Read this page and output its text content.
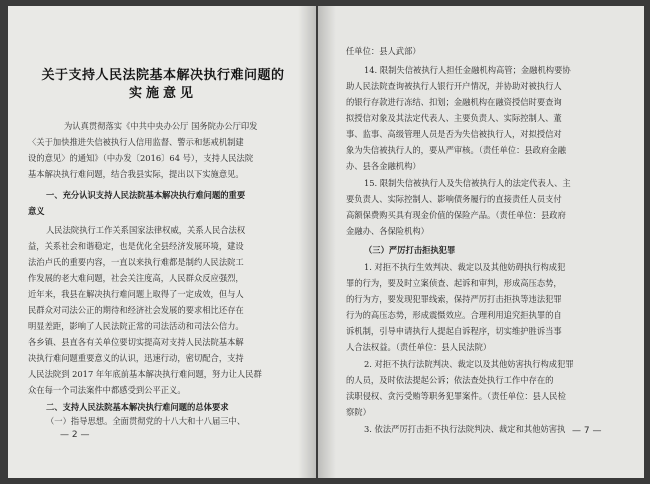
关于支持人民法院基本解决执行难问题的
实施意见
为认真贯彻落实《中共中央办公厅 国务院办公厅印发
〈关于加快推进失信被执行人信用监督、警示和惩戒机制建
设的意见〉的通知》（中办发〔2016〕64 号），支持人民法院
基本解决执行难问题，结合我县实际，提出以下实施意见。
一、充分认识支持人民法院基本解决执行难问题的重要
意义
人民法院执行工作关系国家法律权威，关系人民合法权
益，关系社会和谐稳定，也是优化全县经济发展环境，建设
法治卢氏的重要内容，一直以来执行难都是制约人民法院工
作发展的老大难问题，社会关注度高，人民群众反应强烈，
近年来，我县在解决执行难问题上取得了一定成效，但与人
民群众对司法公正的期待和经济社会发展的要求相比还存在
明显差距，影响了人民法院正常的司法活动和司法公信力。
各乡镇、县直各有关单位要切实提高对支持人民法院基本解
决执行难问题重要意义的认识，迅速行动，密切配合，支持
人民法院到 2017 年年底前基本解决执行难问题，努力让人民群
众在每一个司法案件中都感受到公平正义。
二、支持人民法院基本解决执行难问题的总体要求
（一）指导思想。全面贯彻党的十八大和十八届三中、
— 2 —
任单位：县人武部）
14. 限制失信被执行人担任金融机构高管；金融机构要协
助人民法院查询被执行人银行开户情况，并协助对被执行人
的银行存款进行冻结、扣划；金融机构在融资授信时要查询
拟授信对象及其法定代表人、主要负责人、实际控制人、董
事、监事、高级管理人员是否为失信被执行人，对拟授信对
象为失信被执行人的，要从严审核。（责任单位：县政府金融
办、县各金融机构）
15. 限制失信被执行人及失信被执行人的法定代表人、主
要负责人、实际控制人、影响债务履行的直接责任人员支付
高额保费购买具有现金价值的保险产品。（责任单位：县政府
金融办、各保险机构）
（三）严厉打击拒执犯罪
1. 对拒不执行生效判决、裁定以及其他妨碍执行构成犯
罪的行为，要及时立案侦查、起诉和审判，形成高压态势，
的行为方，要发现犯罪线索，保持严厉打击拒执等违法犯罪
行为的高压态势，形成震慑效应。合理利用追究拒执罪的自
诉机制，引导申请执行人提起自诉程序，切实维护胜诉当事
人合法权益。（责任单位：县人民法院）
2. 对拒不执行法院判决、裁定以及其他妨害执行构成犯罪
的人员，及时依法提起公诉；依法查处执行工作中存在的
渎职侵权、贪污受贿等职务犯罪案件。（责任单位：县人民检
察院）
3. 依法严厉打击拒不执行法院判决、裁定和其他妨害执 — 7 —
